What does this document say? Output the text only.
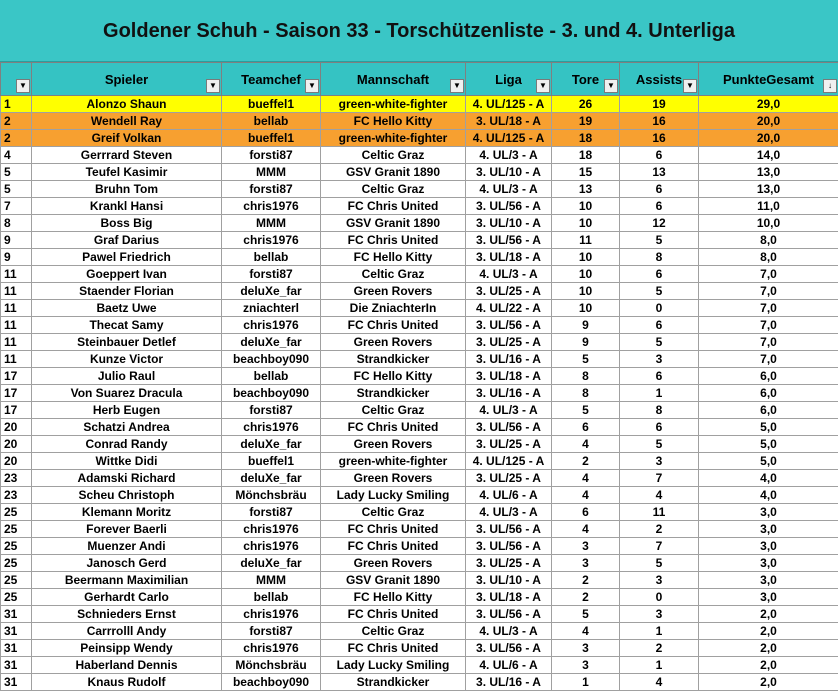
Goldener Schuh - Saison 33 - Torschützenliste - 3. und 4. Unterliga
▼	Spieler ▼	Teamchef ▼	Mannschaft ▼	Liga ▼	Tore ▼	Assists ▼	PunkteGesamt ↓

1	Alonzo Shaun	bueffel1	green-white-fighter	4. UL/125 - A	26	19	29,0
2	Wendell Ray	bellab	FC Hello Kitty	3. UL/18 - A	19	16	20,0
2	Greif Volkan	bueffel1	green-white-fighter	4. UL/125 - A	18	16	20,0
4	Gerrrard Steven	forsti87	Celtic Graz	4. UL/3 - A	18	6	14,0
5	Teufel Kasimir	MMM	GSV Granit 1890	3. UL/10 - A	15	13	13,0
5	Bruhn Tom	forsti87	Celtic Graz	4. UL/3 - A	13	6	13,0
7	Krankl Hansi	chris1976	FC Chris United	3. UL/56 - A	10	6	11,0
8	Boss Big	MMM	GSV Granit 1890	3. UL/10 - A	10	12	10,0
9	Graf Darius	chris1976	FC Chris United	3. UL/56 - A	11	5	8,0
9	Pawel Friedrich	bellab	FC Hello Kitty	3. UL/18 - A	10	8	8,0
11	Goeppert Ivan	forsti87	Celtic Graz	4. UL/3 - A	10	6	7,0
11	Staender Florian	deluXe_far	Green Rovers	3. UL/25 - A	10	5	7,0
11	Baetz Uwe	zniachterl	Die ZniachterIn	4. UL/22 - A	10	0	7,0
11	Thecat Samy	chris1976	FC Chris United	3. UL/56 - A	9	6	7,0
11	Steinbauer Detlef	deluXe_far	Green Rovers	3. UL/25 - A	9	5	7,0
11	Kunze Victor	beachboy090	Strandkicker	3. UL/16 - A	5	3	7,0
17	Julio Raul	bellab	FC Hello Kitty	3. UL/18 - A	8	6	6,0
17	Von Suarez Dracula	beachboy090	Strandkicker	3. UL/16 - A	8	1	6,0
17	Herb Eugen	forsti87	Celtic Graz	4. UL/3 - A	5	8	6,0
20	Schatzi Andrea	chris1976	FC Chris United	3. UL/56 - A	6	6	5,0
20	Conrad Randy	deluXe_far	Green Rovers	3. UL/25 - A	4	5	5,0
20	Wittke Didi	bueffel1	green-white-fighter	4. UL/125 - A	2	3	5,0
23	Adamski Richard	deluXe_far	Green Rovers	3. UL/25 - A	4	7	4,0
23	Scheu Christoph	Mönchsbräu	Lady Lucky Smiling	4. UL/6 - A	4	4	4,0
25	Klemann Moritz	forsti87	Celtic Graz	4. UL/3 - A	6	11	3,0
25	Forever Baerli	chris1976	FC Chris United	3. UL/56 - A	4	2	3,0
25	Muenzer Andi	chris1976	FC Chris United	3. UL/56 - A	3	7	3,0
25	Janosch Gerd	deluXe_far	Green Rovers	3. UL/25 - A	3	5	3,0
25	Beermann Maximilian	MMM	GSV Granit 1890	3. UL/10 - A	2	3	3,0
25	Gerhardt Carlo	bellab	FC Hello Kitty	3. UL/18 - A	2	0	3,0
31	Schnieders Ernst	chris1976	FC Chris United	3. UL/56 - A	5	3	2,0
31	Carrrolll Andy	forsti87	Celtic Graz	4. UL/3 - A	4	1	2,0
31	Peinsipp Wendy	chris1976	FC Chris United	3. UL/56 - A	3	2	2,0
31	Haberland Dennis	Mönchsbräu	Lady Lucky Smiling	4. UL/6 - A	3	1	2,0
31	Knaus Rudolf	beachboy090	Strandkicker	3. UL/16 - A	1	4	2,0
